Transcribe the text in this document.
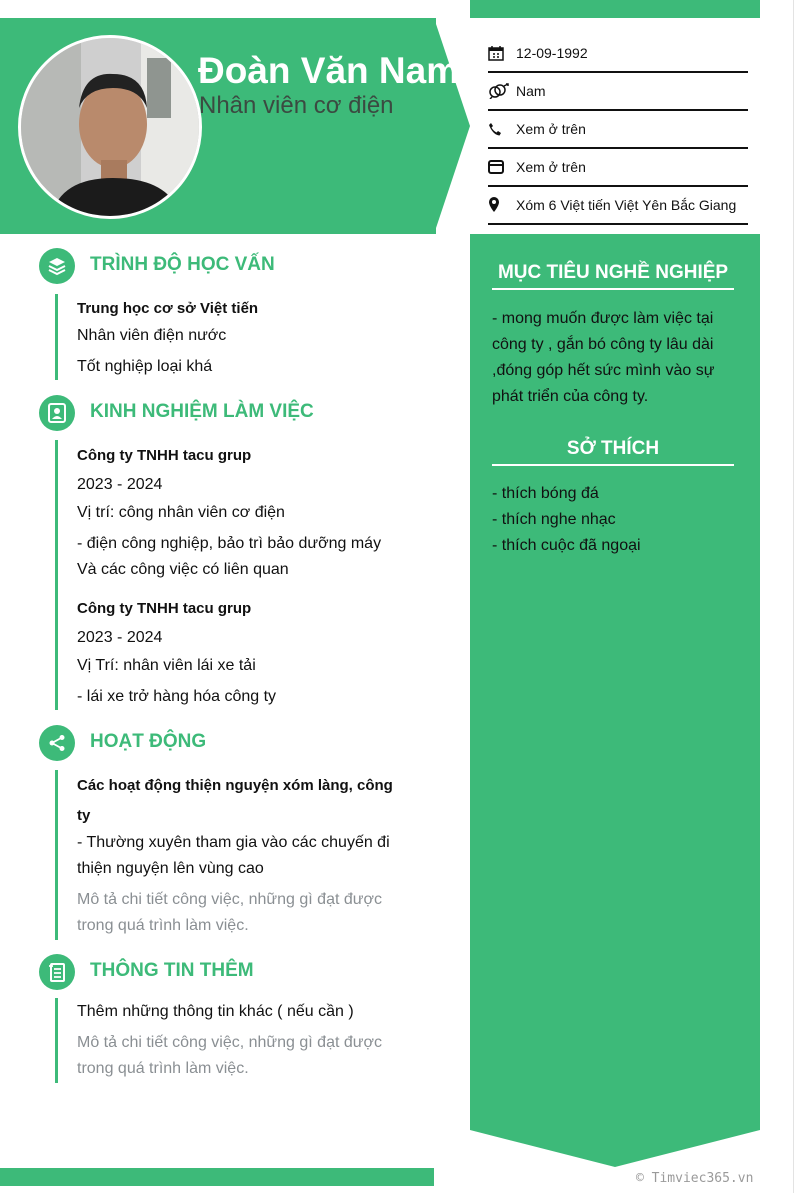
Đoàn Văn Nam
Nhân viên cơ điện
12-09-1992
Nam
Xem ở trên
Xem ở trên
Xóm 6 Việt tiến Việt Yên Bắc Giang
MỤC TIÊU NGHỀ NGHIỆP
- mong muốn được làm việc tại
công ty , gắn bó công ty lâu dài
,đóng góp hết sức mình vào sự
phát triển của công ty.
SỞ THÍCH
- thích bóng đá
- thích nghe nhạc
- thích cuộc đã ngoại
TRÌNH ĐỘ HỌC VẤN
Trung học cơ sở Việt tiến
Nhân viên điện nước
Tốt nghiệp loại khá
KINH NGHIỆM LÀM VIỆC
Công ty TNHH tacu grup
2023 - 2024
Vị trí: công nhân viên cơ điện
- điện công nghiệp, bảo trì bảo dưỡng máy
Và các công việc có liên quan
Công ty TNHH tacu grup
2023 - 2024
Vị Trí: nhân viên lái xe tải
- lái xe trở hàng hóa công ty
HOẠT ĐỘNG
Các hoạt động thiện nguyện xóm làng, công
ty
- Thường xuyên tham gia vào các chuyến đi
thiện nguyện lên vùng cao
Mô tả chi tiết công việc, những gì đạt được
trong quá trình làm việc.
THÔNG TIN THÊM
Thêm những thông tin khác ( nếu cần )
Mô tả chi tiết công việc, những gì đạt được
trong quá trình làm việc.
© Timviec365.vn
